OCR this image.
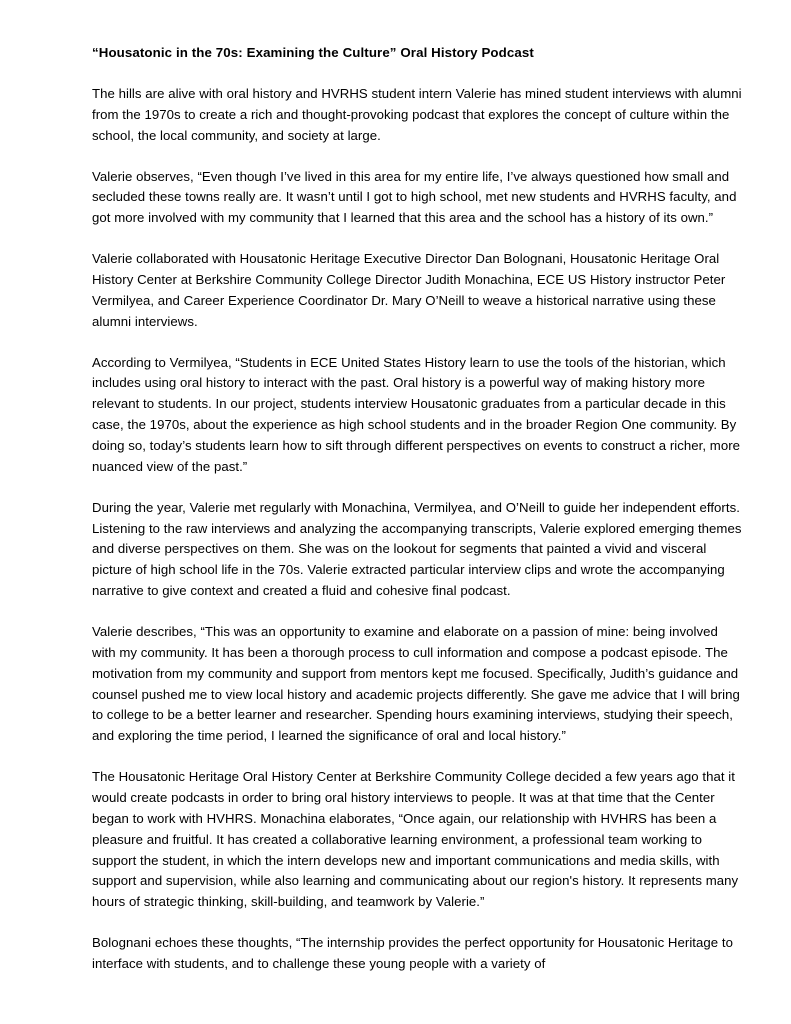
“Housatonic in the 70s: Examining the Culture” Oral History Podcast

The hills are alive with oral history and HVRHS student intern Valerie has mined student interviews with alumni from the 1970s to create a rich and thought-provoking podcast that explores the concept of culture within the school, the local community, and society at large.

Valerie observes, “Even though I’ve lived in this area for my entire life, I’ve always questioned how small and secluded these towns really are. It wasn’t until I got to high school, met new students and HVRHS faculty, and got more involved with my community that I learned that this area and the school has a history of its own.”

Valerie collaborated with Housatonic Heritage Executive Director Dan Bolognani, Housatonic Heritage Oral History Center at Berkshire Community College Director Judith Monachina, ECE US History instructor Peter Vermilyea, and Career Experience Coordinator Dr. Mary O’Neill to weave a historical narrative using these alumni interviews.

According to Vermilyea, “Students in ECE United States History learn to use the tools of the historian, which includes using oral history to interact with the past. Oral history is a powerful way of making history more relevant to students. In our project, students interview Housatonic graduates from a particular decade in this case, the 1970s, about the experience as high school students and in the broader Region One community. By doing so, today’s students learn how to sift through different perspectives on events to construct a richer, more nuanced view of the past.”

During the year, Valerie met regularly with Monachina, Vermilyea, and O’Neill to guide her independent efforts. Listening to the raw interviews and analyzing the accompanying transcripts, Valerie explored emerging themes and diverse perspectives on them. She was on the lookout for segments that painted a vivid and visceral picture of high school life in the 70s. Valerie extracted particular interview clips and wrote the accompanying narrative to give context and created a fluid and cohesive final podcast.

Valerie describes, “This was an opportunity to examine and elaborate on a passion of mine: being involved with my community. It has been a thorough process to cull information and compose a podcast episode. The motivation from my community and support from mentors kept me focused. Specifically, Judith’s guidance and counsel pushed me to view local history and academic projects differently. She gave me advice that I will bring to college to be a better learner and researcher. Spending hours examining interviews, studying their speech, and exploring the time period, I learned the significance of oral and local history.”

The Housatonic Heritage Oral History Center at Berkshire Community College decided a few years ago that it would create podcasts in order to bring oral history interviews to people. It was at that time that the Center began to work with HVHRS. Monachina elaborates, “Once again, our relationship with HVHRS has been a pleasure and fruitful. It has created a collaborative learning environment, a professional team working to support the student, in which the intern develops new and important communications and media skills, with support and supervision, while also learning and communicating about our region's history. It represents many hours of strategic thinking, skill-building, and teamwork by Valerie.”

Bolognani echoes these thoughts, “The internship provides the perfect opportunity for Housatonic Heritage to interface with students, and to challenge these young people with a variety of
